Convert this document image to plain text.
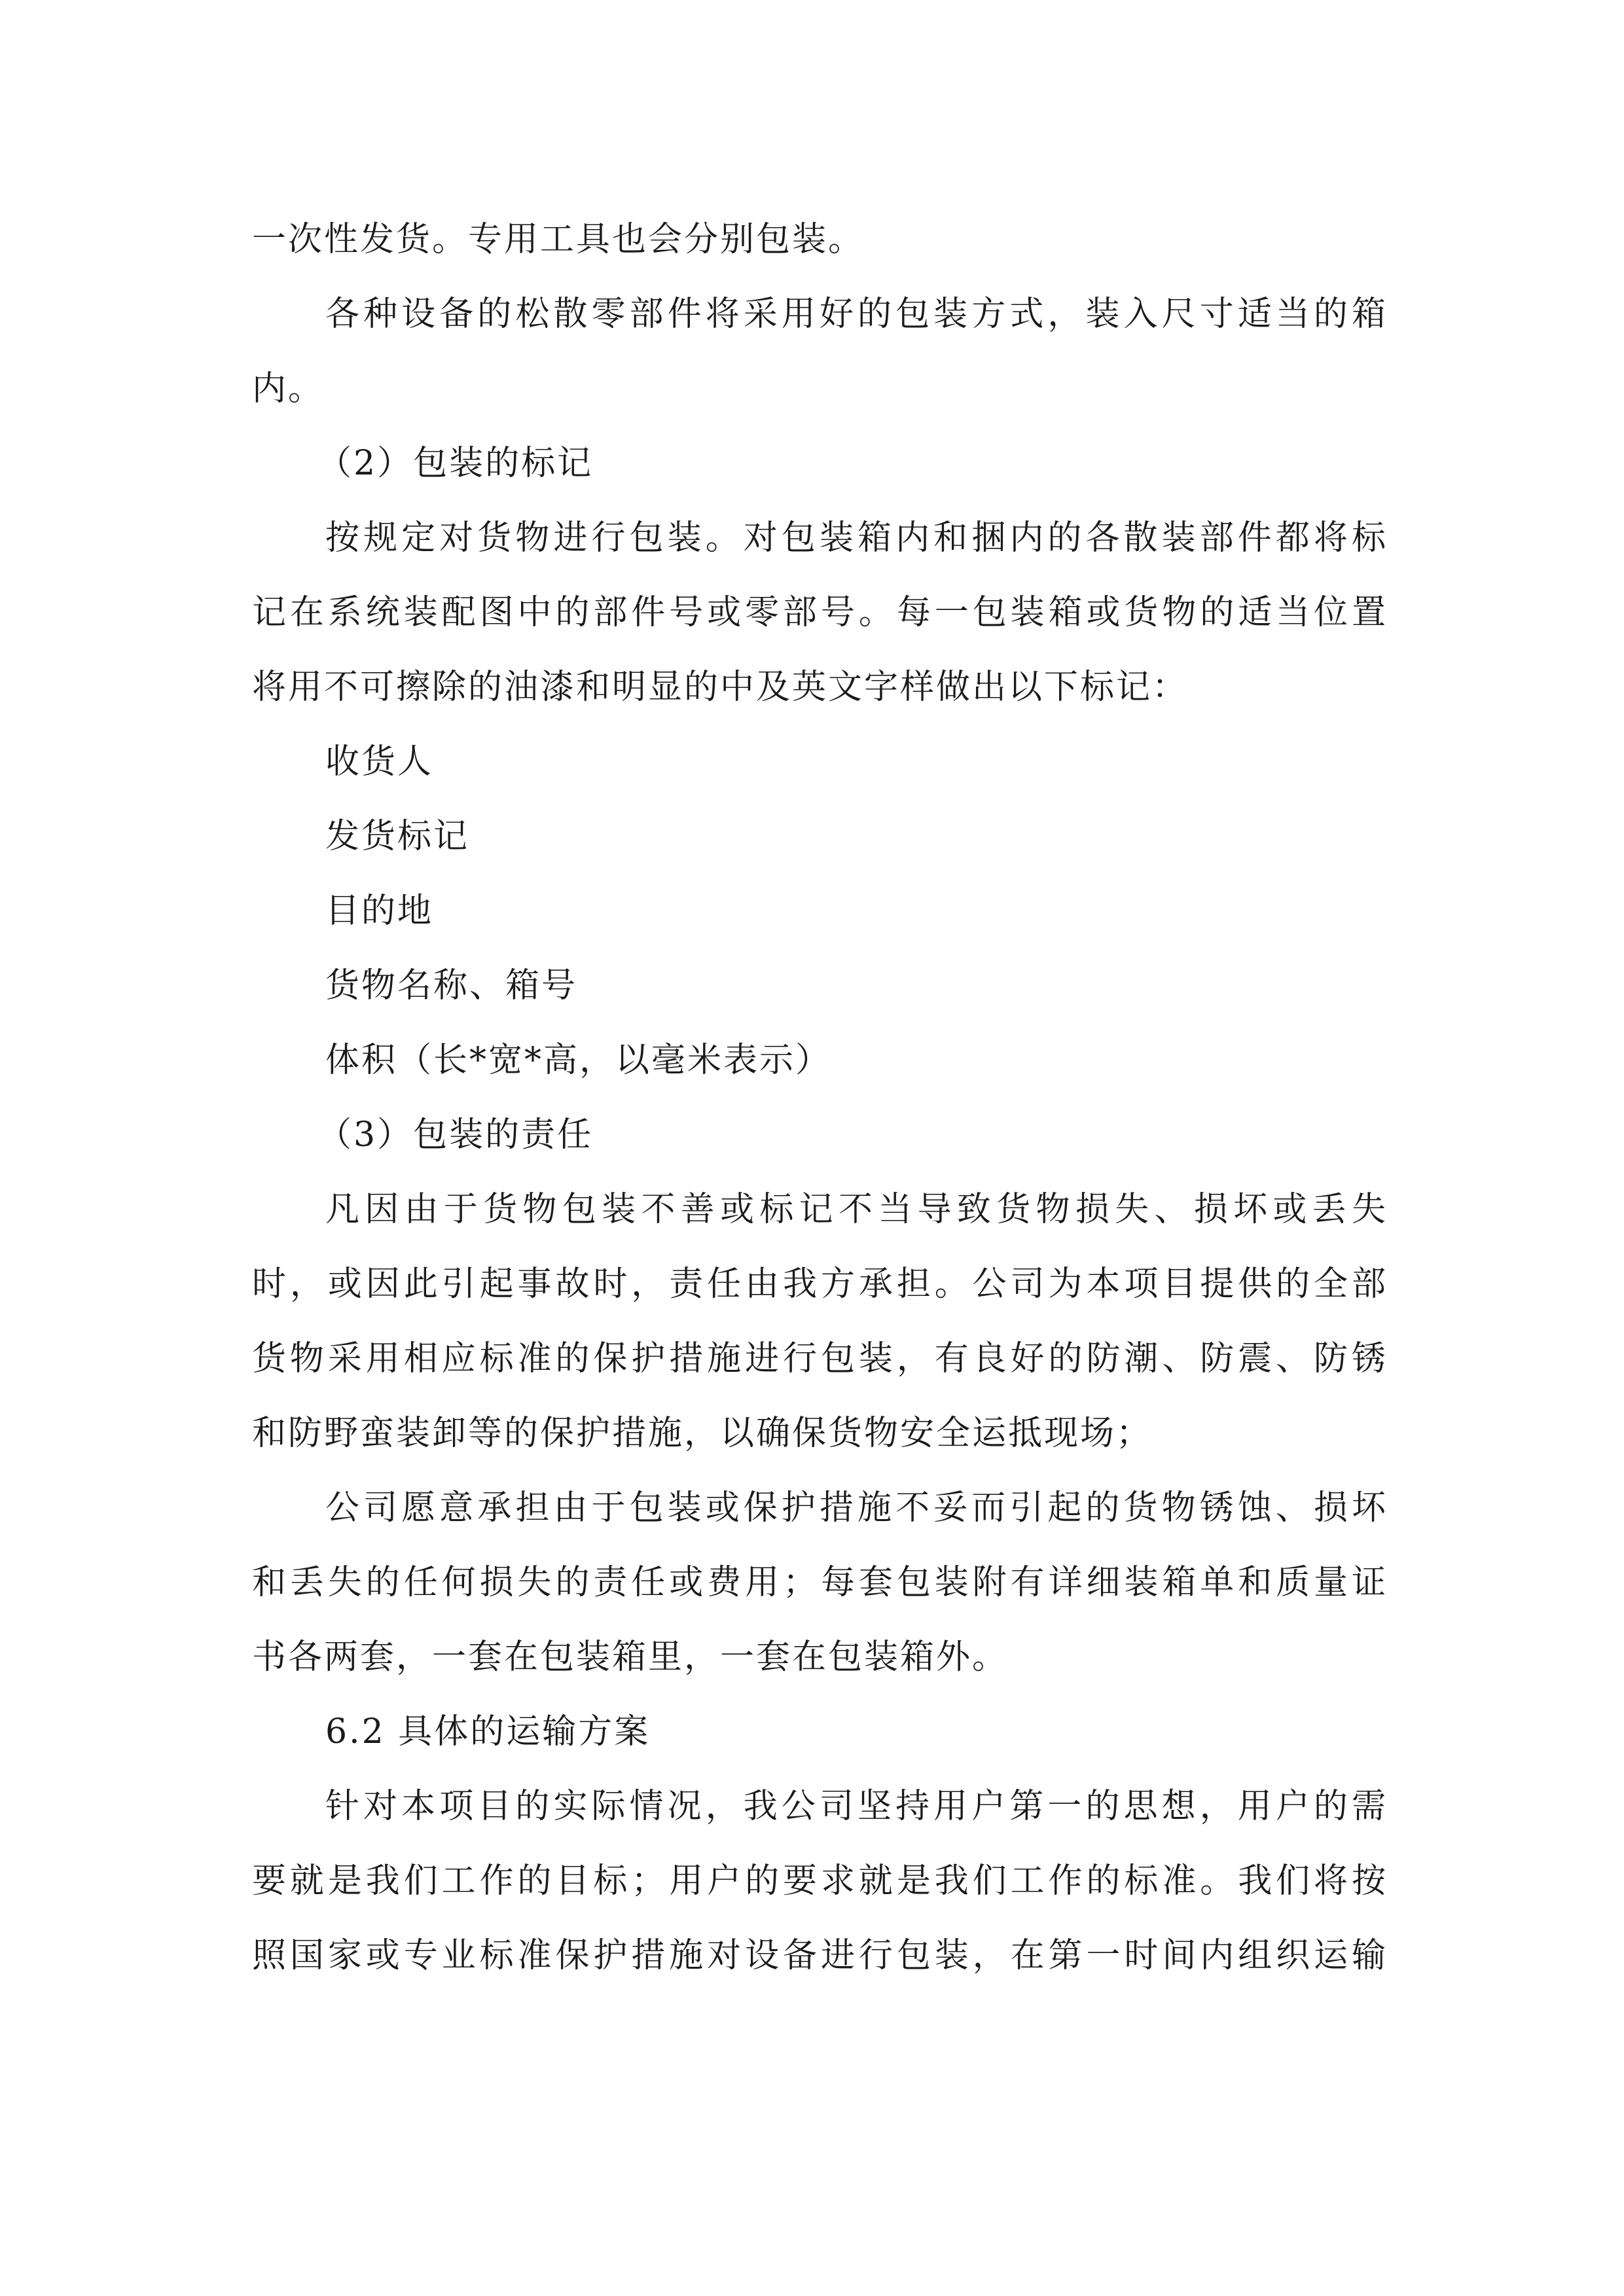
一次性发货。专用工具也会分别包装。
各种设备的松散零部件将采用好的包装方式，装入尺寸适当的箱
内。
（2）包装的标记
按规定对货物进行包装。对包装箱内和捆内的各散装部件都将标
记在系统装配图中的部件号或零部号。每一包装箱或货物的适当位置
将用不可擦除的油漆和明显的中及英文字样做出以下标记：
收货人
发货标记
目的地
货物名称、箱号
体积（长*宽*高，以毫米表示）
（3）包装的责任
凡因由于货物包装不善或标记不当导致货物损失、损坏或丢失
时，或因此引起事故时，责任由我方承担。公司为本项目提供的全部
货物采用相应标准的保护措施进行包装，有良好的防潮、防震、防锈
和防野蛮装卸等的保护措施，以确保货物安全运抵现场；
公司愿意承担由于包装或保护措施不妥而引起的货物锈蚀、损坏
和丢失的任何损失的责任或费用；每套包装附有详细装箱单和质量证
书各两套，一套在包装箱里，一套在包装箱外。
6.2 具体的运输方案
针对本项目的实际情况，我公司坚持用户第一的思想，用户的需
要就是我们工作的目标；用户的要求就是我们工作的标准。我们将按
照国家或专业标准保护措施对设备进行包装，在第一时间内组织运输
